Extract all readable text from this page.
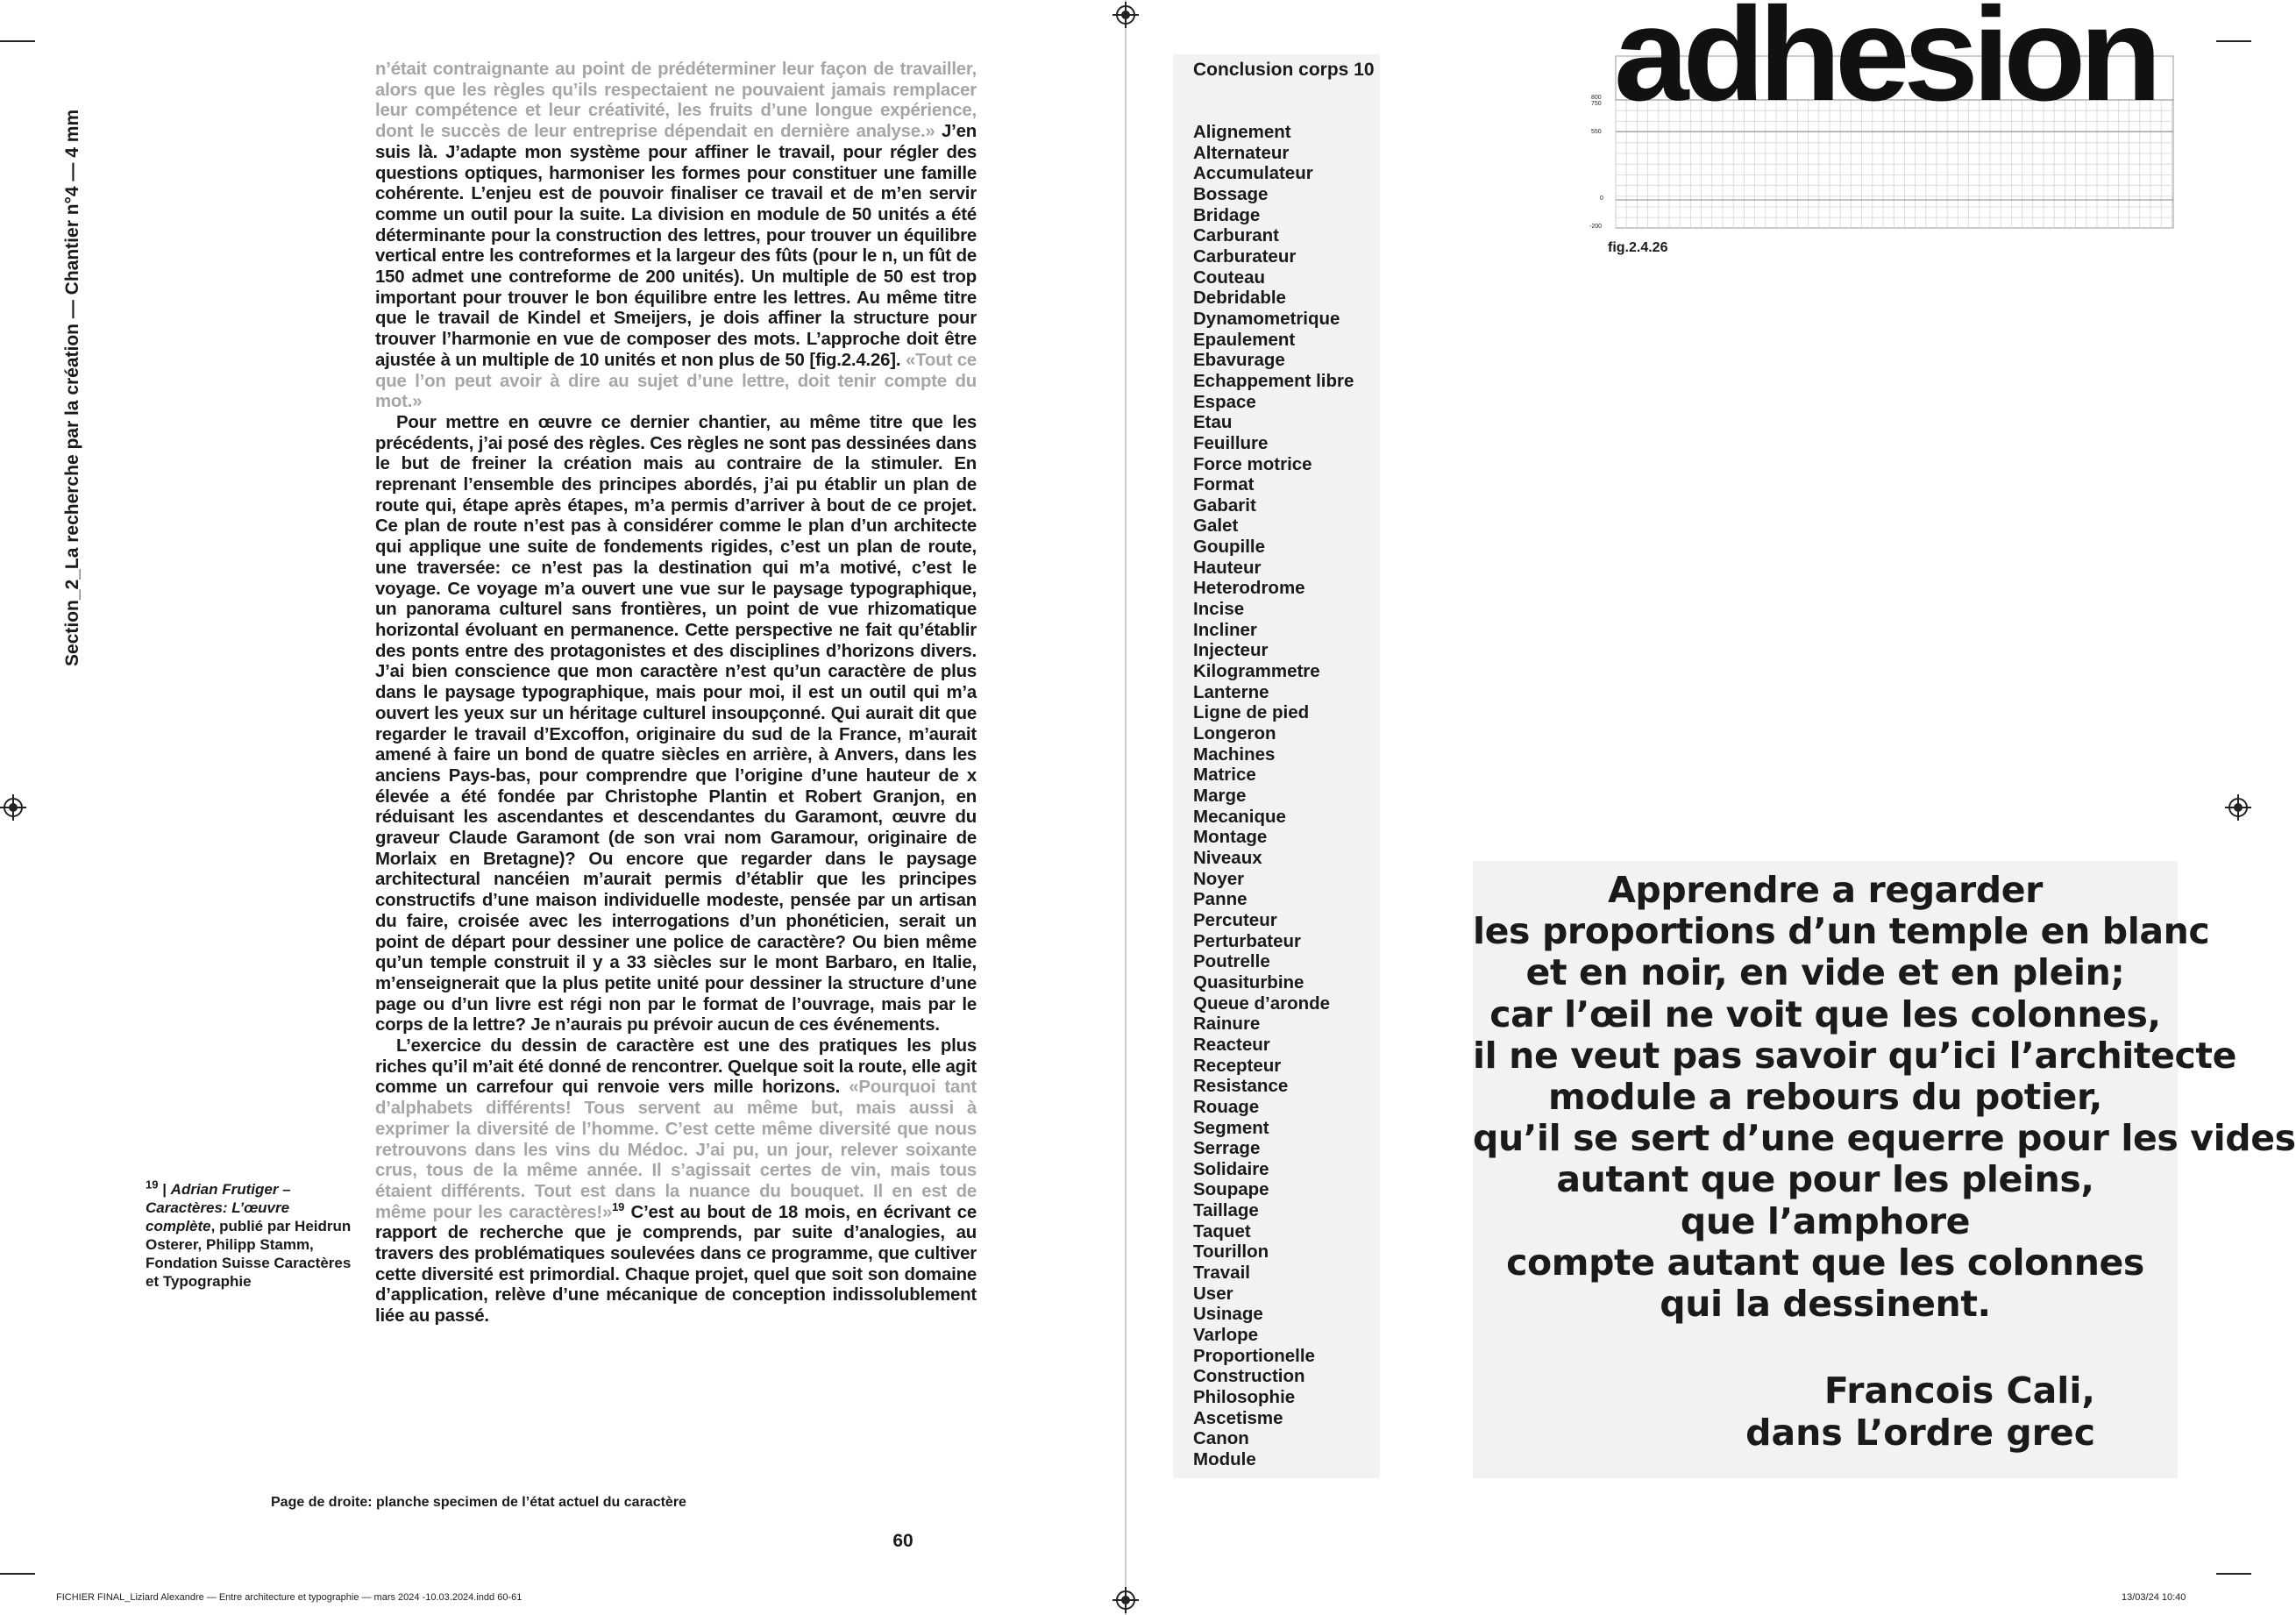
Section_2_La recherche par la création — Chantier n°4 — 4 mm

n’était contraignante au point de prédéterminer leur façon de travailler, alors que les règles qu’ils respectaient ne pouvaient jamais remplacer leur compétence et leur créativité, les fruits d’une longue expérience, dont le succès de leur entreprise dépendait en dernière analyse.» J’en suis là. J’adapte mon système pour affiner le travail, pour régler des questions optiques, harmoniser les formes pour constituer une famille cohérente. L’enjeu est de pouvoir finaliser ce travail et de m’en servir comme un outil pour la suite. La division en module de 50 unités a été déterminante pour la construction des lettres, pour trouver un équilibre vertical entre les contreformes et la largeur des fûts (pour le n, un fût de 150 admet une contreforme de 200 unités). Un multiple de 50 est trop important pour trouver le bon équilibre entre les lettres. Au même titre que le travail de Kindel et Smeijers, je dois affiner la structure pour trouver l’harmonie en vue de composer des mots. L’approche doit être ajustée à un multiple de 10 unités et non plus de 50 [fig.2.4.26]. «Tout ce que l’on peut avoir à dire au sujet d’une lettre, doit tenir compte du mot.»

Pour mettre en œuvre ce dernier chantier, au même titre que les précédents, j’ai posé des règles. Ces règles ne sont pas dessinées dans le but de freiner la création mais au contraire de la stimuler. En reprenant l’ensemble des principes abordés, j’ai pu établir un plan de route qui, étape après étapes, m’a permis d’arriver à bout de ce projet. Ce plan de route n’est pas à considérer comme le plan d’un architecte qui applique une suite de fondements rigides, c’est un plan de route, une traversée: ce n’est pas la destination qui m’a motivé, c’est le voyage. Ce voyage m’a ouvert une vue sur le paysage typographique, un panorama culturel sans frontières, un point de vue rhizomatique horizontal évoluant en permanence. Cette perspective ne fait qu’établir des ponts entre des protagonistes et des disciplines d’horizons divers. J’ai bien conscience que mon caractère n’est qu’un caractère de plus dans le paysage typographique, mais pour moi, il est un outil qui m’a ouvert les yeux sur un héritage culturel insoupçonné. Qui aurait dit que regarder le travail d’Excoffon, originaire du sud de la France, m’aurait amené à faire un bond de quatre siècles en arrière, à Anvers, dans les anciens Pays-bas, pour comprendre que l’origine d’une hauteur de x élevée a été fondée par Christophe Plantin et Robert Granjon, en réduisant les ascendantes et descendantes du Garamont, œuvre du graveur Claude Garamont (de son vrai nom Garamour, originaire de Morlaix en Bretagne)? Ou encore que regarder dans le paysage architectural nancéien m’aurait permis d’établir que les principes constructifs d’une maison individuelle modeste, pensée par un artisan du faire, croisée avec les interrogations d’un phonéticien, serait un point de départ pour dessiner une police de caractère? Ou bien même qu’un temple construit il y a 33 siècles sur le mont Barbaro, en Italie, m’enseignerait que la plus petite unité pour dessiner la structure d’une page ou d’un livre est régi non par le format de l’ouvrage, mais par le corps de la lettre? Je n’aurais pu prévoir aucun de ces événements.

L’exercice du dessin de caractère est une des pratiques les plus riches qu’il m’ait été donné de rencontrer. Quelque soit la route, elle agit comme un carrefour qui renvoie vers mille horizons. «Pourquoi tant d’alphabets différents! Tous servent au même but, mais aussi à exprimer la diversité de l’homme. C’est cette même diversité que nous retrouvons dans les vins du Médoc. J’ai pu, un jour, relever soixante crus, tous de la même année. Il s’agissait certes de vin, mais tous étaient différents. Tout est dans la nuance du bouquet. Il en est de même pour les caractères!»$^{19}$ C’est au bout de 18 mois, en écrivant ce rapport de recherche que je comprends, par suite d’analogies, au travers des problématiques soulevées dans ce programme, que cultiver cette diversité est primordial. Chaque projet, quel que soit son domaine d’application, relève d’une mécanique de conception indissolublement liée au passé.

$^{19}$ | Adrian Frutiger – Caractères: L’œuvre complète, publié par Heidrun Osterer, Philipp Stamm, Fondation Suisse Caractères et Typographie
Page de droite: planche specimen de l’état actuel du caractère
60
Conclusion corps 10
Alignement
Alternateur
Accumulateur
Bossage
Bridage
Carburant
Carburateur
Couteau
Debridable
Dynamometrique
Epaulement
Ebavurage
Echappement libre
Espace
Etau
Feuillure
Force motrice
Format
Gabarit
Galet
Goupille
Hauteur
Heterodrome
Incise
Incliner
Injecteur
Kilogrammetre
Lanterne
Ligne de pied
Longeron
Machines
Matrice
Marge
Mecanique
Montage
Niveaux
Noyer
Panne
Percuteur
Perturbateur
Poutrelle
Quasiturbine
Queue d’aronde
Rainure
Reacteur
Recepteur
Resistance
Rouage
Segment
Serrage
Solidaire
Soupape
Taillage
Taquet
Tourillon
Travail
User
Usinage
Varlope
Proportionelle
Construction
Philosophie
Ascetisme
Canon
Module
adhesion
800
750
550
0
-200
fig.2.4.26
Apprendre a regarder
les proportions d’un temple en blanc
et en noir, en vide et en plein;
car l’œil ne voit que les colonnes,
il ne veut pas savoir qu’ici l’architecte
module a rebours du potier,
qu’il se sert d’une equerre pour les vides
autant que pour les pleins,
que l’amphore
compte autant que les colonnes
qui la dessinent.
Francois Cali,
dans L’ordre grec
FICHIER FINAL_Liziard Alexandre — Entre architecture et typographie — mars 2024 -10.03.2024.indd 60-61	13/03/24 10:40
